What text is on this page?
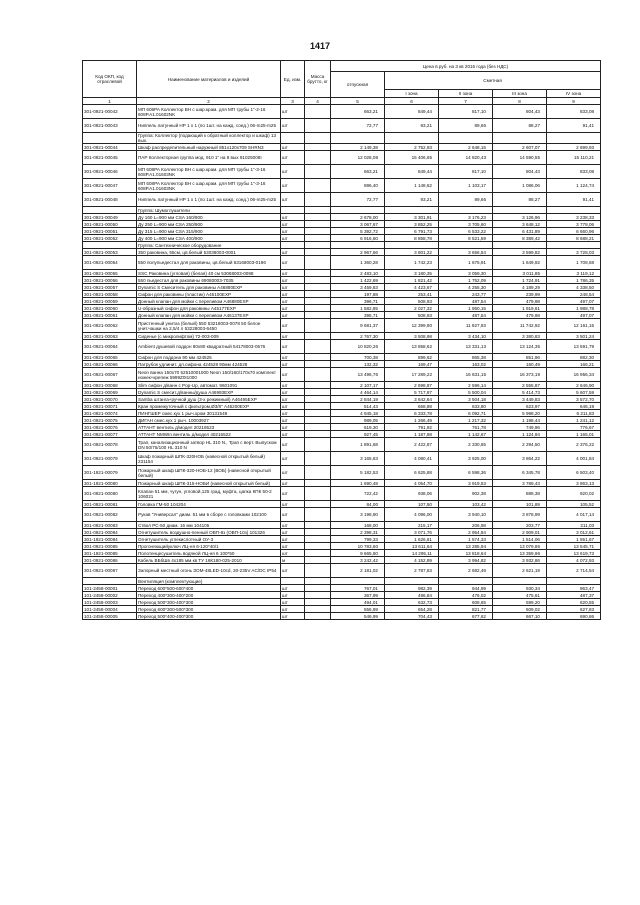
1417
Код ОКП, код отраслевой	Наименование материалов и изделий	Ед. изм.	Масса брутто, кг	Цена в руб. на 3 кв 2016 года (без НДС)				
				отпускная	Сметная			
					I зона	II зона	III зона	IV зона
1	2	3	4	5	6	7	8	9
301-0921-00042	МП 608РА Коллектор ВН с шар.крам. для МП трубы 1"-2-16 608Р.А1.01602NK	шт		663,21	849,44	817,10	804,43	833,08
301-0921-00043	Ниппель латунный НР 1 х 1 (по 1шт. на кажд. соед.) 06-m25-m25	шт		72,77	93,21	89,66	88,27	91,41
	Группа: Коллектор (подающий к обратный коллектор и шкаф) 13 вых.							
301-0921-00044	Шкаф распределительный наружный 851х120х709 SHRN3	шт		2 149,38	2 752,93	2 648,15	2 607,07	2 699,93
301-0921-00045	ПАР Коллекторная группа мод. 910 1" на 8 вых 91025008I	шт		12 028,08	15 406,65	14 820,43	14 590,55	15 110,21
301-0921-00046	МП 608РА Коллектор ВН с шар.крам. для МП трубы 1"-3-16 608Р.А1.01603NK	шт		663,21	849,44	817,10	804,43	833,08
301-0921-00047	МП 608РА Коллектор ВН с шар.крам. для МП трубы 1"-3-16 608Р.А1.01603NK	шт		896,40	1 148,62	1 103,17	1 086,06	1 124,74
301-0921-00048	Ниппель латунный НР 1 х 1 (по 1шт. на кажд. соед.) 06-m25-m25	шт		72,77	93,21	89,66	88,27	91,41
	Группа: Шумоглушители							
301-0921-00049	Ду 160 L=900 мм CSA 160/900	шт		2 678,00	3 301,91	3 176,23	3 126,96	3 238,33
301-0921-00050	Ду 250 L=900 мм CSA 250/900	шт		3 067,67	3 852,25	3 705,60	3 648,12	3 778,06
301-0921-00051	Ду 315 L=900 мм CSA 315/900	шт		5 392,72	6 791,73	6 533,22	6 431,89	6 660,96
301-0921-00052	Ду 400 L=900 мм CSA 400/900	шт		6 916,60	8 858,78	8 521,59	8 389,42	8 688,21
	Группа: Сантехническое оборудование							
301-0921-00053	350 раковина, 55см, цв.белый 53038003-0001	шт		2 967,66	3 801,22	3 656,54	3 599,82	3 728,03
301-0921-00054	550 полупьедестал для раковины, цв.белый 53168003-0196	шт		1 360,28	1 742,23	1 675,91	1 649,92	1 708,68
301-0921-00055	SSC Раковина (угловая) (белая) 40 см 53068003-0098	шт		2 483,10	3 180,35	3 059,30	3 011,85	3 119,12
301-0921-00056	550 пьедестал для раковины 69080003-7035	шт		1 422,69	1 821,42	1 752,09	1 724,91	1 786,35
301-0921-00057	Dynamic S Смеситель для раковины А46880EXP	шт		3 459,83	4 423,67	4 255,30	4 189,29	4 338,50
301-0921-00058	Сифон для раковины (пластик) А45100EXP	шт		197,88	253,41	243,77	239,99	248,54
301-0921-00059	Донный клапан для мойки с переливом А46880EXP	шт		396,71	508,93	487,54	479,98	497,07
301-0921-00060	U-образный сифон для раковины А45177EXP	шт		1 582,85	2 027,32	1 950,15	1 919,61	1 988,78
301-0921-00061	Донный клапан для мойки с переливом А46137EXP	шт		395,71	508,93	487,54	479,98	497,07
301-0921-00062	Пристенный унитаз (белый) 550 53218003-0078 50 белое унит.чашки на 2,5/4 л 53228003-6450	шт		9 681,37	12 399,90	11 927,93	11 742,92	12 161,15
301-0921-00063	Сиденье (с микролифтом) 72-003-009	шт		2 767,30	3 508,98	3 434,10	3 380,83	3 501,24
301-0921-00064	Ambient душевой поддон 80х80 квадратный 54178003-0576	шт		10 820,26	13 858,62	13 331,13	13 124,35	13 591,79
301-0921-00065	Сифон для поддона 90 мм 424525	шт		700,38	899,62	865,38	851,96	882,30
301-0921-00066	Патрубок удлинит. дл.сифона 424528 90мм 424528	шт		132,32	169,47	163,02	160,49	166,21
301-0921-00067	Neon ванна 150х70 52510001000 Neon 150/160/170х70 комплект ножек+крепеж 5999Z0I1000	шт		13 496,76	17 289,22	16 631,15	16 373,19	16 956,34
301-0921-00068	Slim сифон д/ванн с Pop-Up, автомат. 9601091	шт		2 107,17	2 698,87	2 596,14	2 555,87	2 646,90
301-0921-00069	Dynamic S смесит.д/ванны/душа А46993EXP	шт		4 464,14	5 717,87	5 500,04	5 414,73	5 607,58
301-0921-00070	Samba штанга+ручной душ (3-х режимный) А46495EXP	шт		2 844,19	3 642,64	3 504,18	3 449,83	3 572,70
301-0921-00071	Кран промежуточный с фильтром,Ø3/8" А45200EXP	шт		514,43	658,88	633,80	623,97	646,19
301-0921-00074	ПИНГШЕР смес.кух 1 рыч.хром 30131549	шт		4 945,18	6 333,78	6 092,71	5 998,20	6 211,83
301-0921-00075	ДИГАН смес.кух 1 рыч. 10003927	шт		989,05	1 266,49	1 217,32	1 198,44	1 241,12
301-0921-00076	АТТАНТ вентиль д/модел 20216523	шт		619,30	791,92	761,78	749,96	776,67
301-0921-00077	АТТАНТ NMWIn вентиль д/модел 40216522	шт		927,45	1 187,88	1 142,67	1 124,94	1 165,01
301-0921-00078	Трап, канализационный затвор HL 310 N., Трап с верт. Выпуском DN 50/75/100 HL 310 N	шт		1 891,68	2 422,87	2 330,65	2 294,50	2 376,22
301-0921-00079	Шкаф пожарный ШПК-320НОБ (навесной открытый белый) 231154	шт		3 165,63	4 080,41	3 925,00	3 864,22	4 001,84
301-1921-00079	Пожарный шкаф ШПК-320-НОБ-12 (ВОБ) (навесной открытый белый)	шт		5 182,53	6 625,88	6 598,36	6 345,78	6 503,40
301-1921-00080	Пожарный шкаф ШПК-315-НОБИ (навесной открытый белый)	шт		1 690,48	4 054,70	3 919,53	3 789,43	3 863,13
301-0921-00080	Клапан 51 мм, чугун, угловой,125 град, муфта, цапка КПК 50-2 106021	шт		722,42	938,06	902,38	888,38	920,02
301-0921-00081	Головка ГМ-50 104204	шт		84,00	107,50	103,42	101,89	105,52
301-0921-00082	Рукав "Универсал" диам. 51 мм в сборе с головками 102100	шт		3 198,90	4 096,00	3 940,10	3 878,99	4 017,14
301-0921-00083	Ствол РС-50 диам. 16 мм 104105	шт		168,00	215,17	206,98	203,77	211,03
301-0921-00084	Огнетушитель воздушно-пенный ОВП-8з (ОВП-10з) 101326	шт		2 398,31	3 071,76	2 954,84	2 909,01	3 012,61
301-1921-00084	Огнетушитель углекислотный ОУ-3	шт		799,33	1 626,61	1 574,33	1 514,06	1 551,67
301-0921-00085	Прогоняющийуключ ЛЦ-ня 6-120*40/1	шт		10 783,60	13 611,64	13 285,94	13 079,86	13 545,71
301-1921-00085	Полотенцесушитель водяной ЛЦ-ня 6 100*50	шт		9 665,60	14 295,11	13 818,64	13 359,96	13 619,73
301-0921-00086	Кабель ВБбШв 4х185 мм.кв ТУ 16К180-025-2010	м		3 242,42	4 152,89	3 994,82	3 932,86	4 072,93
301-0921-00087	Запорный местный огонь ЗОМ-48LED-10cd, 30-235V AC/DC IP54	шт		2 181,02	2 787,83	2 682,49	2 621,19	2 714,54
	Вентиляция (комплектующие)							
101-2458-00001	Переход 600*500-600*400	шт		767,01	982,39	944,99	930,34	963,47
101-2458-00002	Переход 400*300-400*200	шт		367,99	496,84	476,02	475,61	487,37
101-2458-00003	Переход 500*300-400*300	шт		494,01	632,73	608,65	599,20	620,55
101-2458-00004	Переход 600*300-500*300	шт		556,99	654,28	821,77	609,02	627,83
101-2458-00005	Переход 500*400-400*300	шт		546,99	704,43	677,62	667,10	690,86
